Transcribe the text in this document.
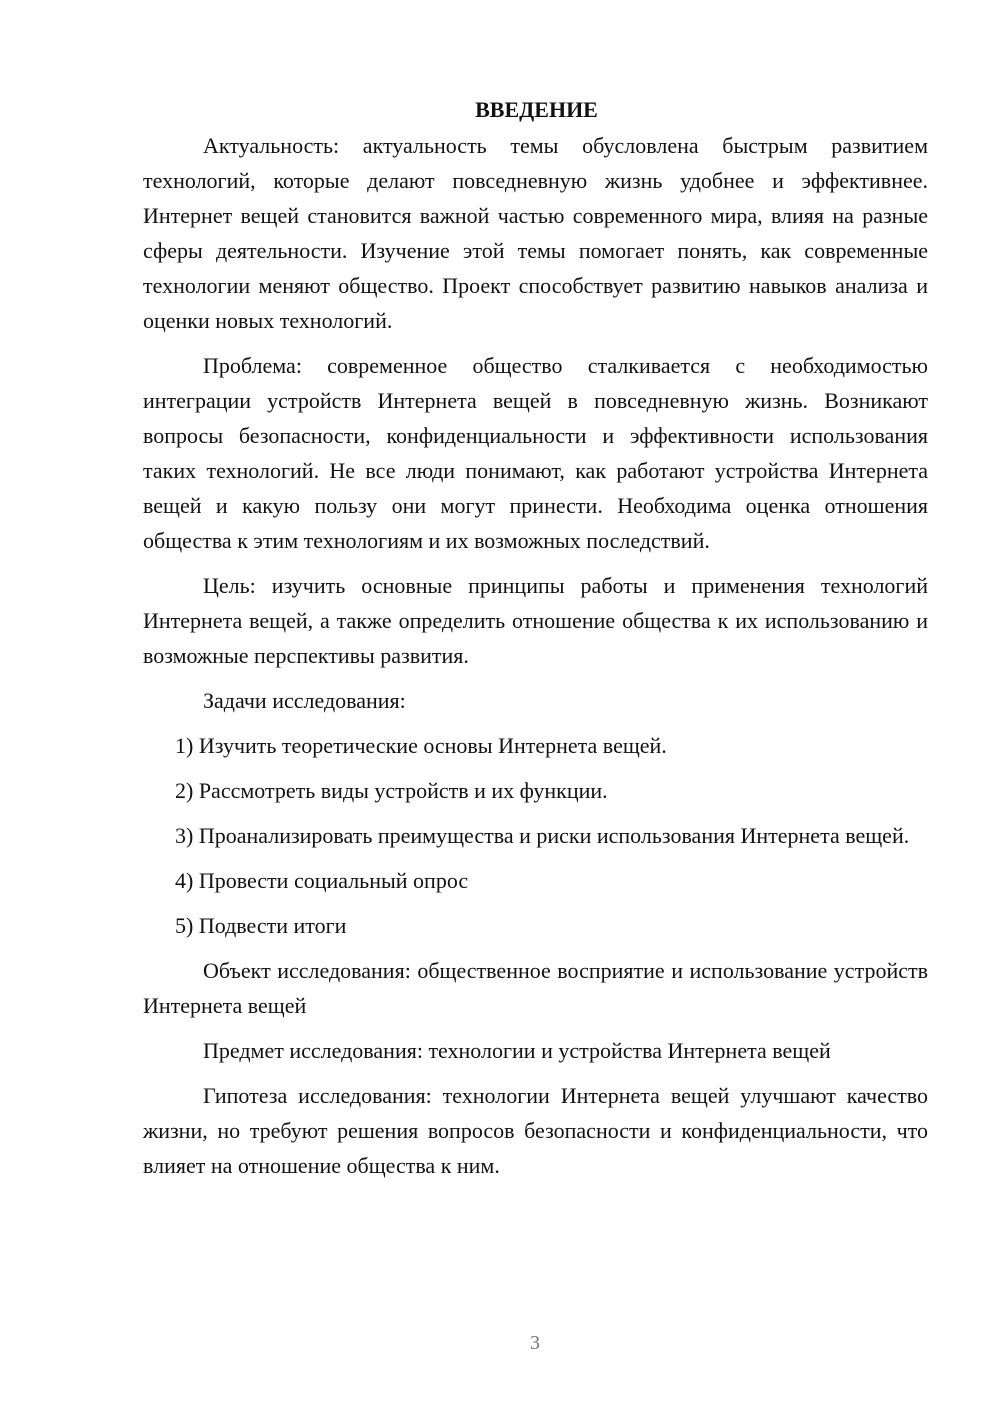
ВВЕДЕНИЕ

Актуальность: актуальность темы обусловлена быстрым развитием технологий, которые делают повседневную жизнь удобнее и эффективнее. Интернет вещей становится важной частью современного мира, влияя на разные сферы деятельности. Изучение этой темы помогает понять, как современные технологии меняют общество. Проект способствует развитию навыков анализа и оценки новых технологий.

Проблема: современное общество сталкивается с необходимостью интеграции устройств Интернета вещей в повседневную жизнь. Возникают вопросы безопасности, конфиденциальности и эффективности использования таких технологий. Не все люди понимают, как работают устройства Интернета вещей и какую пользу они могут принести. Необходима оценка отношения общества к этим технологиям и их возможных последствий.

Цель: изучить основные принципы работы и применения технологий Интернета вещей, а также определить отношение общества к их использованию и возможные перспективы развития.

Задачи исследования:

1) Изучить теоретические основы Интернета вещей.

2) Рассмотреть виды устройств и их функции.

3) Проанализировать преимущества и риски использования Интернета вещей.

4) Провести социальный опрос

5) Подвести итоги

Объект исследования: общественное восприятие и использование устройств Интернета вещей

Предмет исследования: технологии и устройства Интернета вещей

Гипотеза исследования: технологии Интернета вещей улучшают качество жизни, но требуют решения вопросов безопасности и конфиденциальности, что влияет на отношение общества к ним.

3
